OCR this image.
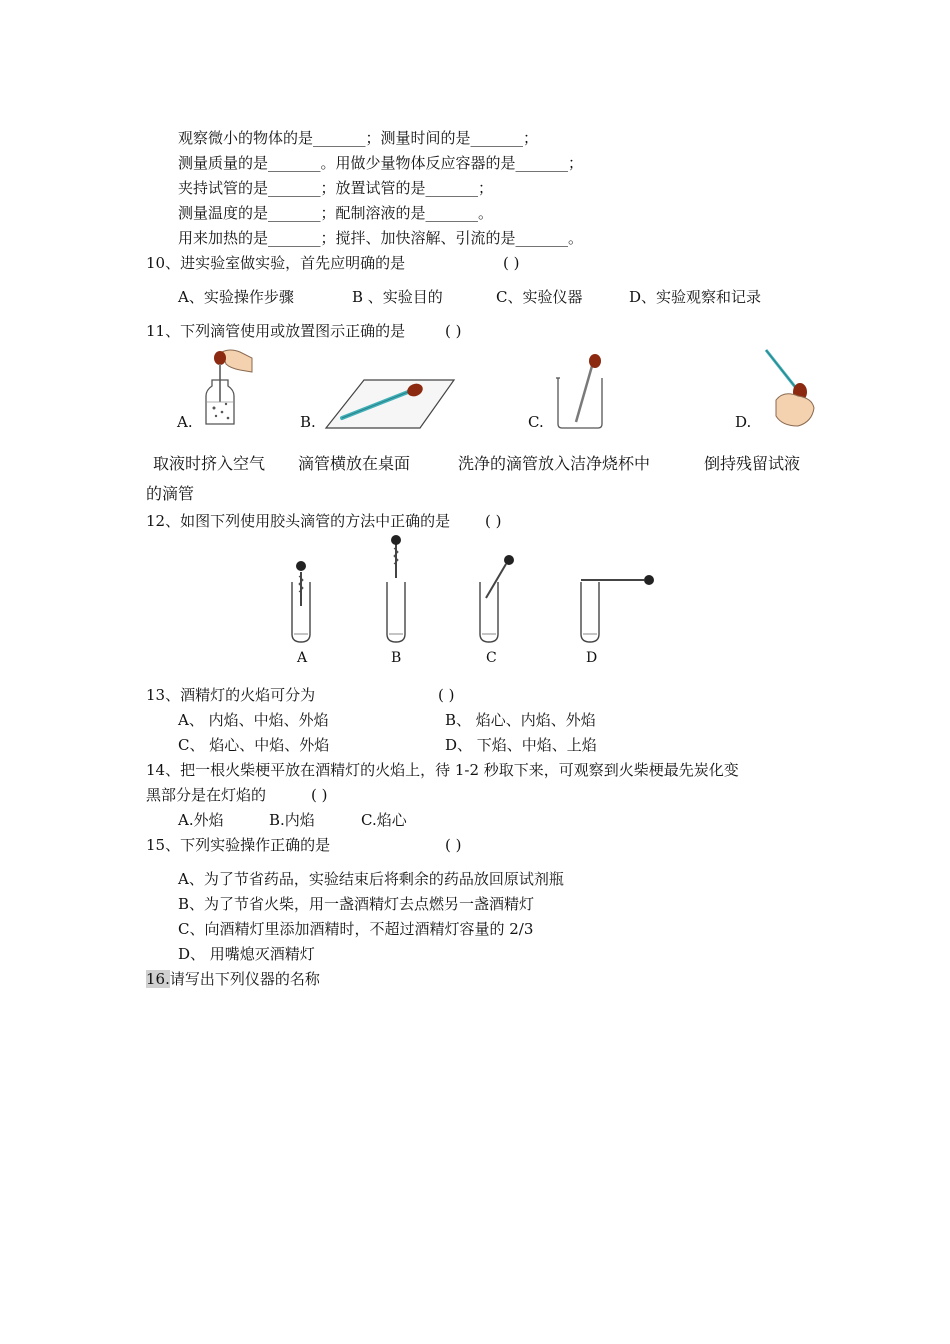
观察微小的物体的是_______；测量时间的是_______；
测量质量的是_______。用做少量物体反应容器的是_______；
夹持试管的是_______；放置试管的是_______；
测量温度的是_______；配制溶液的是_______。
用来加热的是_______；搅拌、加快溶解、引流的是_______。
10、进实验室做实验，首先应明确的是	( )
A、实验操作步骤	B 、实验目的	C、实验仪器	D、实验观察和记录
11、下列滴管使用或放置图示正确的是	( )
A.	B.	C.	D.
取液时挤入空气 滴管横放在桌面	洗净的滴管放入洁净烧杯中	倒持残留试液
的滴管
12、如图下列使用胶头滴管的方法中正确的是 ( )
A	B	C	D
13、酒精灯的火焰可分为	( )
A、 内焰、中焰、外焰	B、 焰心、内焰、外焰
C、 焰心、中焰、外焰	D、 下焰、中焰、上焰
14、把一根火柴梗平放在酒精灯的火焰上，待 1-2 秒取下来，可观察到火柴梗最先炭化变
黑部分是在灯焰的	( )
A.外焰	B.内焰	C.焰心
15、下列实验操作正确的是	( )
A、为了节省药品，实验结束后将剩余的药品放回原试剂瓶
B、为了节省火柴，用一盏酒精灯去点燃另一盏酒精灯
C、向酒精灯里添加酒精时，不超过酒精灯容量的 2/3
D、 用嘴熄灭酒精灯
16.请写出下列仪器的名称
